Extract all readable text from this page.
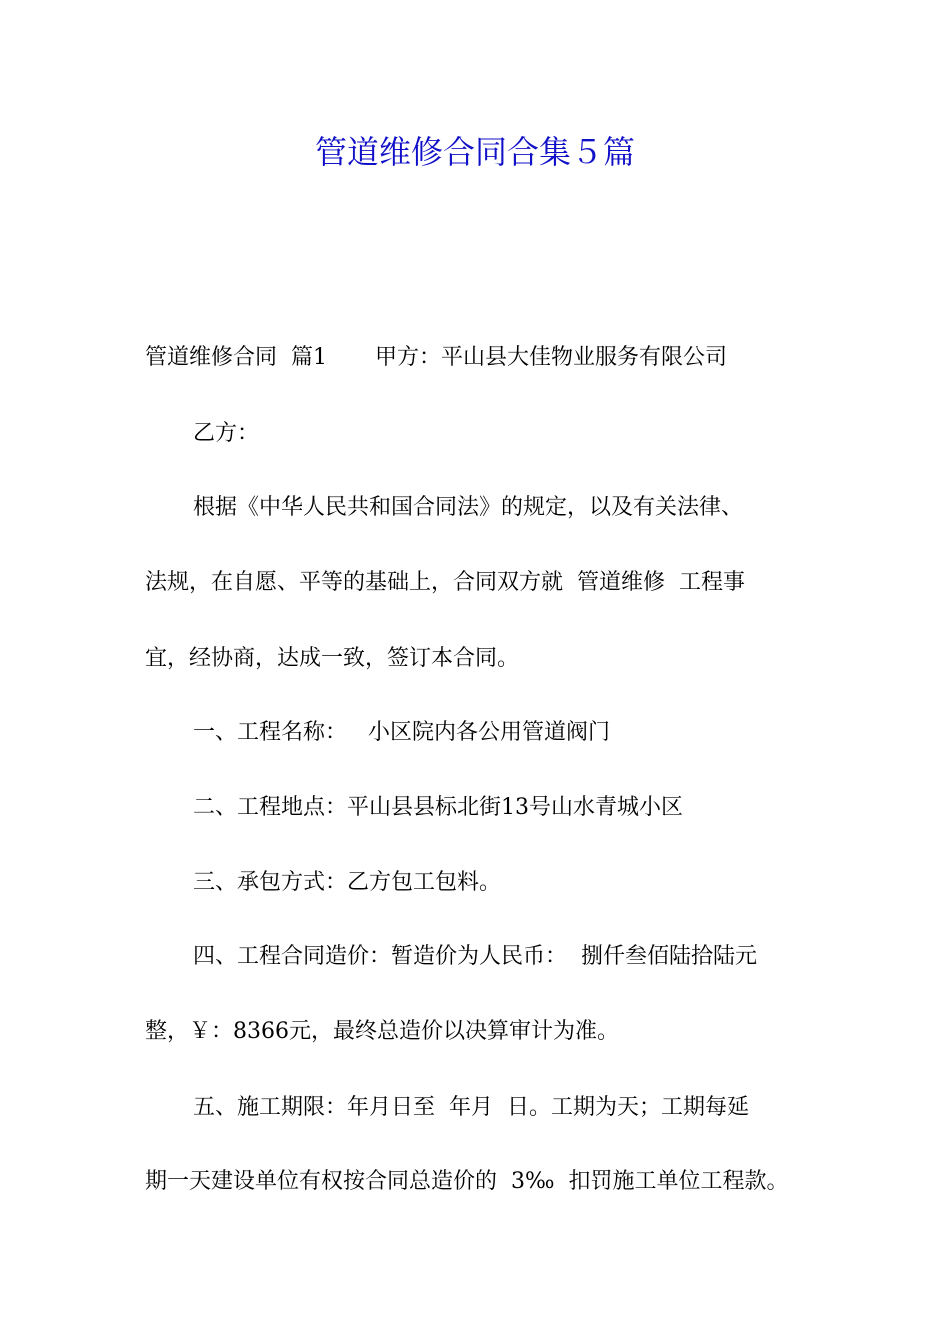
管道维修合同合集５篇
管道维修合同  篇1 甲方：平山县大佳物业服务有限公司
乙方：
根据《中华人民共和国合同法》的规定，以及有关法律、
法规，在自愿、平等的基础上，合同双方就  管道维修  工程事
宜，经协商，达成一致，签订本合同。
一、工程名称：   小区院内各公用管道阀门
二、工程地点：平山县县标北街13号山水青城小区
三、承包方式：乙方包工包料。
四、工程合同造价：暂造价为人民币：  捌仟叁佰陆拾陆元
整，￥：8366元，最终总造价以决算审计为准。
五、施工期限：年月日至  年月  日。工期为天；工期每延
期一天建设单位有权按合同总造价的  3‰  扣罚施工单位工程款。
